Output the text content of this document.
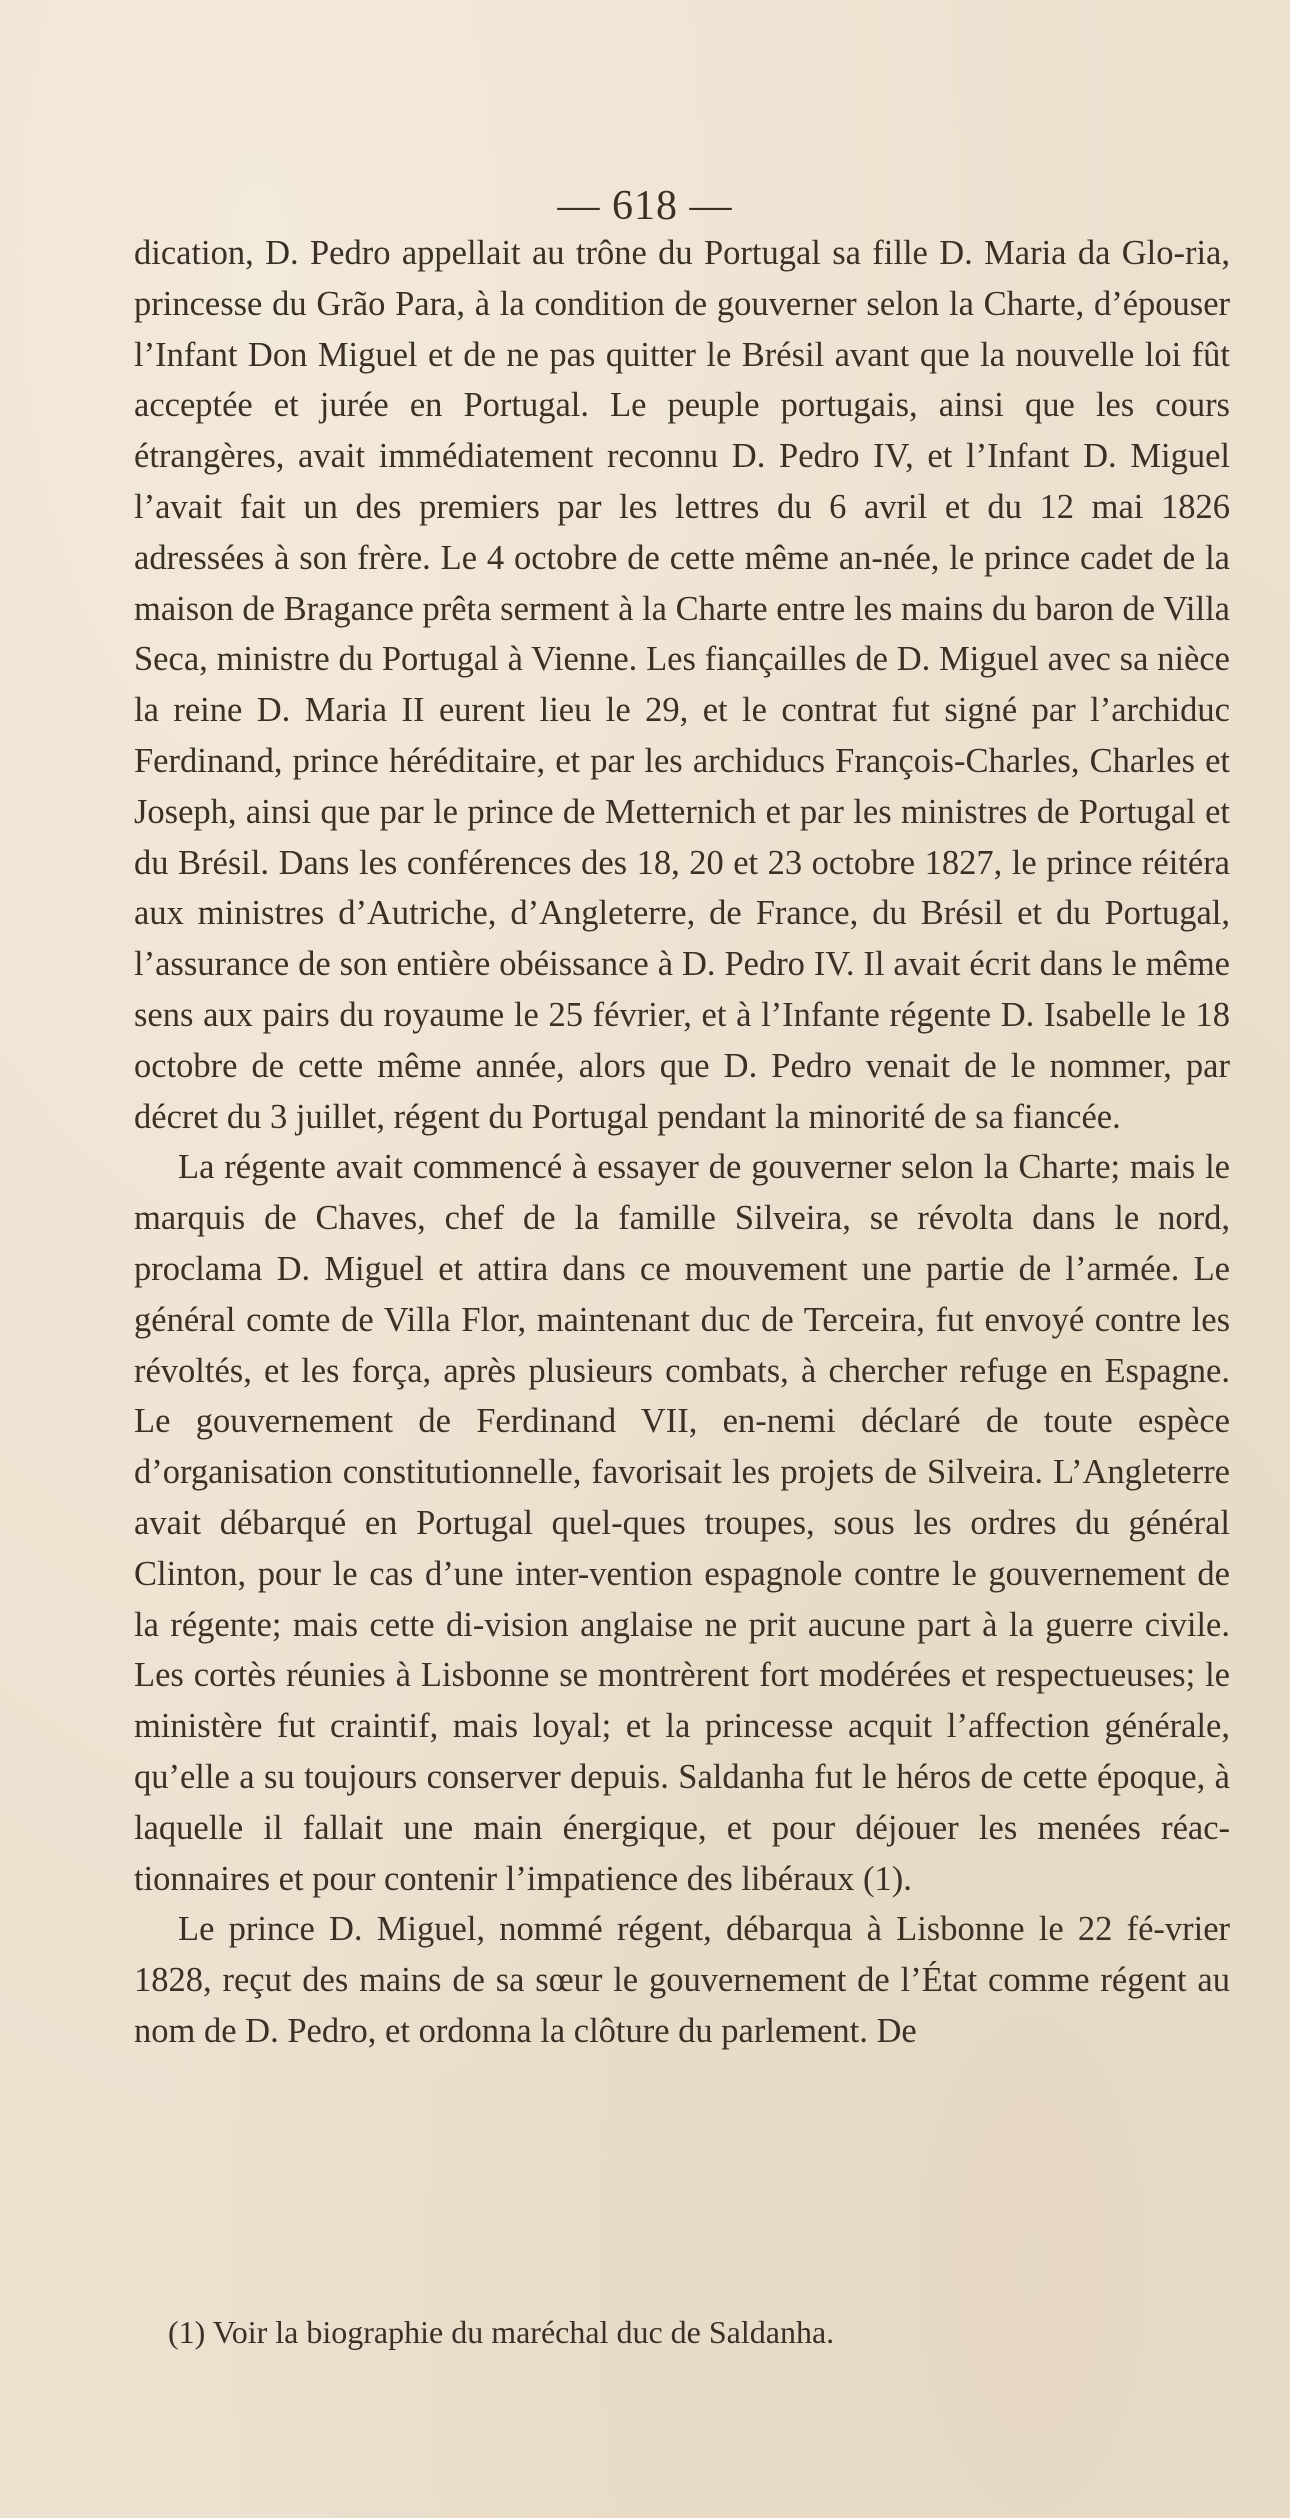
— 618 —

dication, D. Pedro appellait au trône du Portugal sa fille D. Maria da Glo-ria, princesse du Grão Para, à la condition de gouverner selon la Charte, d’épouser l’Infant Don Miguel et de ne pas quitter le Brésil avant que la nouvelle loi fût acceptée et jurée en Portugal. Le peuple portugais, ainsi que les cours étrangères, avait immédiatement reconnu D. Pedro IV, et l’Infant D. Miguel l’avait fait un des premiers par les lettres du 6 avril et du 12 mai 1826 adressées à son frère. Le 4 octobre de cette même an-née, le prince cadet de la maison de Bragance prêta serment à la Charte entre les mains du baron de Villa Seca, ministre du Portugal à Vienne. Les fiançailles de D. Miguel avec sa nièce la reine D. Maria II eurent lieu le 29, et le contrat fut signé par l’archiduc Ferdinand, prince héréditaire, et par les archiducs François-Charles, Charles et Joseph, ainsi que par le prince de Metternich et par les ministres de Portugal et du Brésil. Dans les conférences des 18, 20 et 23 octobre 1827, le prince réitéra aux ministres d’Autriche, d’Angleterre, de France, du Brésil et du Portugal, l’assurance de son entière obéissance à D. Pedro IV. Il avait écrit dans le même sens aux pairs du royaume le 25 février, et à l’Infante régente D. Isabelle le 18 octobre de cette même année, alors que D. Pedro venait de le nommer, par décret du 3 juillet, régent du Portugal pendant la minorité de sa fiancée.

La régente avait commencé à essayer de gouverner selon la Charte; mais le marquis de Chaves, chef de la famille Silveira, se révolta dans le nord, proclama D. Miguel et attira dans ce mouvement une partie de l’armée. Le général comte de Villa Flor, maintenant duc de Terceira, fut envoyé contre les révoltés, et les força, après plusieurs combats, à chercher refuge en Espagne. Le gouvernement de Ferdinand VII, en-nemi déclaré de toute espèce d’organisation constitutionnelle, favorisait les projets de Silveira. L’Angleterre avait débarqué en Portugal quel-ques troupes, sous les ordres du général Clinton, pour le cas d’une inter-vention espagnole contre le gouvernement de la régente; mais cette di-vision anglaise ne prit aucune part à la guerre civile. Les cortès réunies à Lisbonne se montrèrent fort modérées et respectueuses; le ministère fut craintif, mais loyal; et la princesse acquit l’affection générale, qu’elle a su toujours conserver depuis. Saldanha fut le héros de cette époque, à laquelle il fallait une main énergique, et pour déjouer les menées réac-tionnaires et pour contenir l’impatience des libéraux (1).

Le prince D. Miguel, nommé régent, débarqua à Lisbonne le 22 fé-vrier 1828, reçut des mains de sa sœur le gouvernement de l’État comme régent au nom de D. Pedro, et ordonna la clôture du parlement. De

(1) Voir la biographie du maréchal duc de Saldanha.
